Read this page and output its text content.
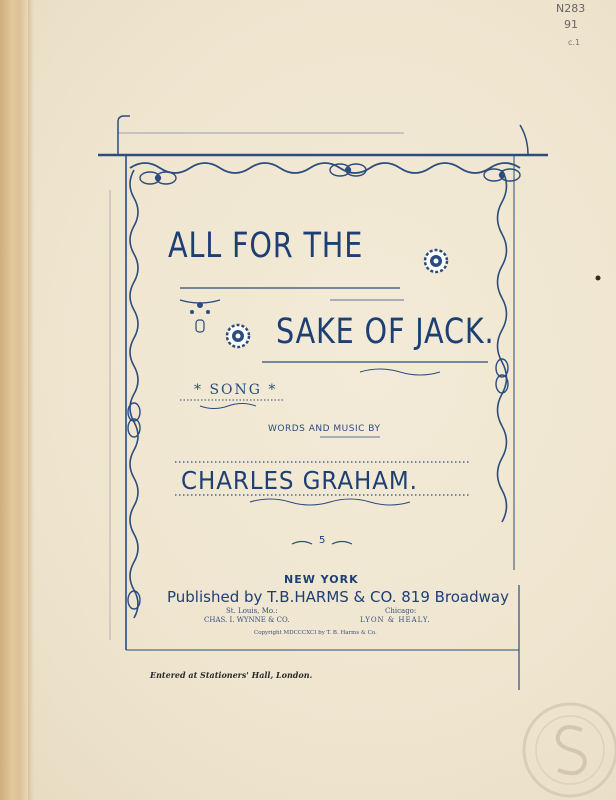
N283
91
c.1
ALL FOR THE
SAKE OF JACK.
* SONG *
WORDS AND MUSIC BY
CHARLES GRAHAM.
5
NEW YORK
Published by T.B.HARMS & CO. 819 Broadway
St. Louis, Mo.:
CHAS. I. WYNNE & CO.
Chicago:
LYON & HEALY.
Copyright MDCCCXCI by T. B. Harms & Co.
Entered at Stationers' Hall, London.
